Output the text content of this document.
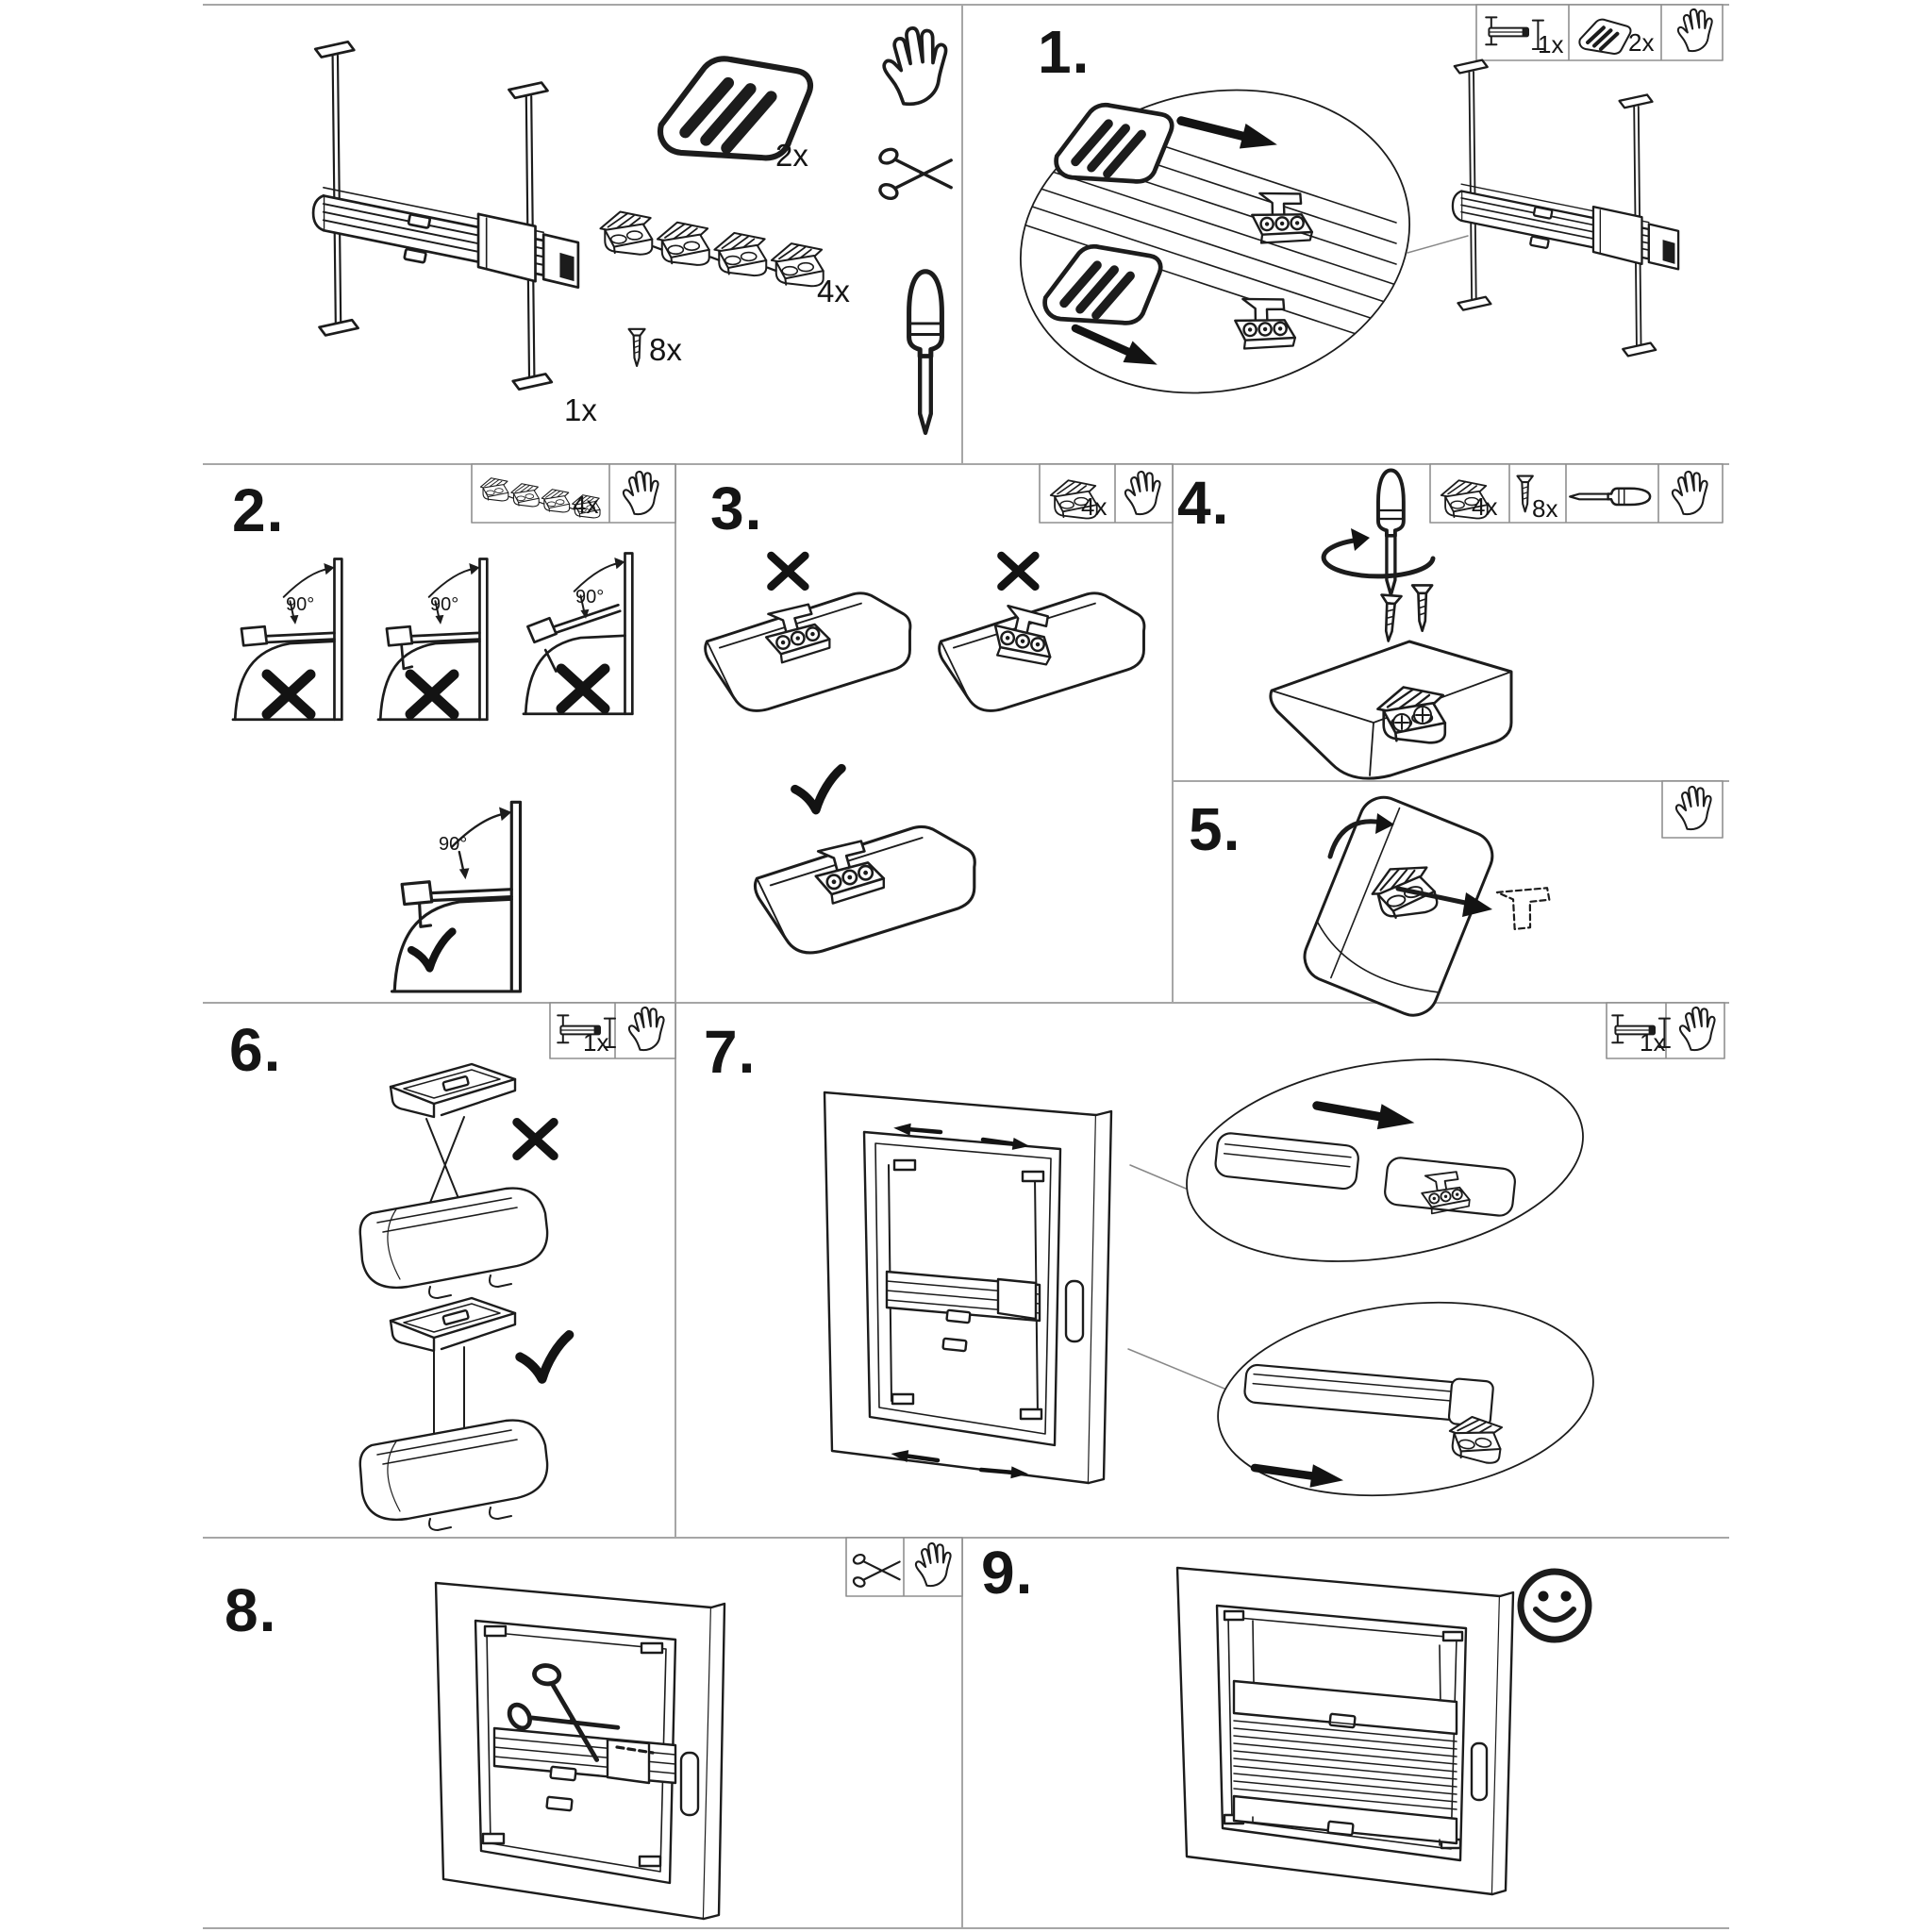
1.
2.	3.	4.
5.
6.	7.
8.
9.
1x
2x
4x
8x
1x	2x
4x	4x	4x 8x
1x	1x
90°	90°	90°
90°
